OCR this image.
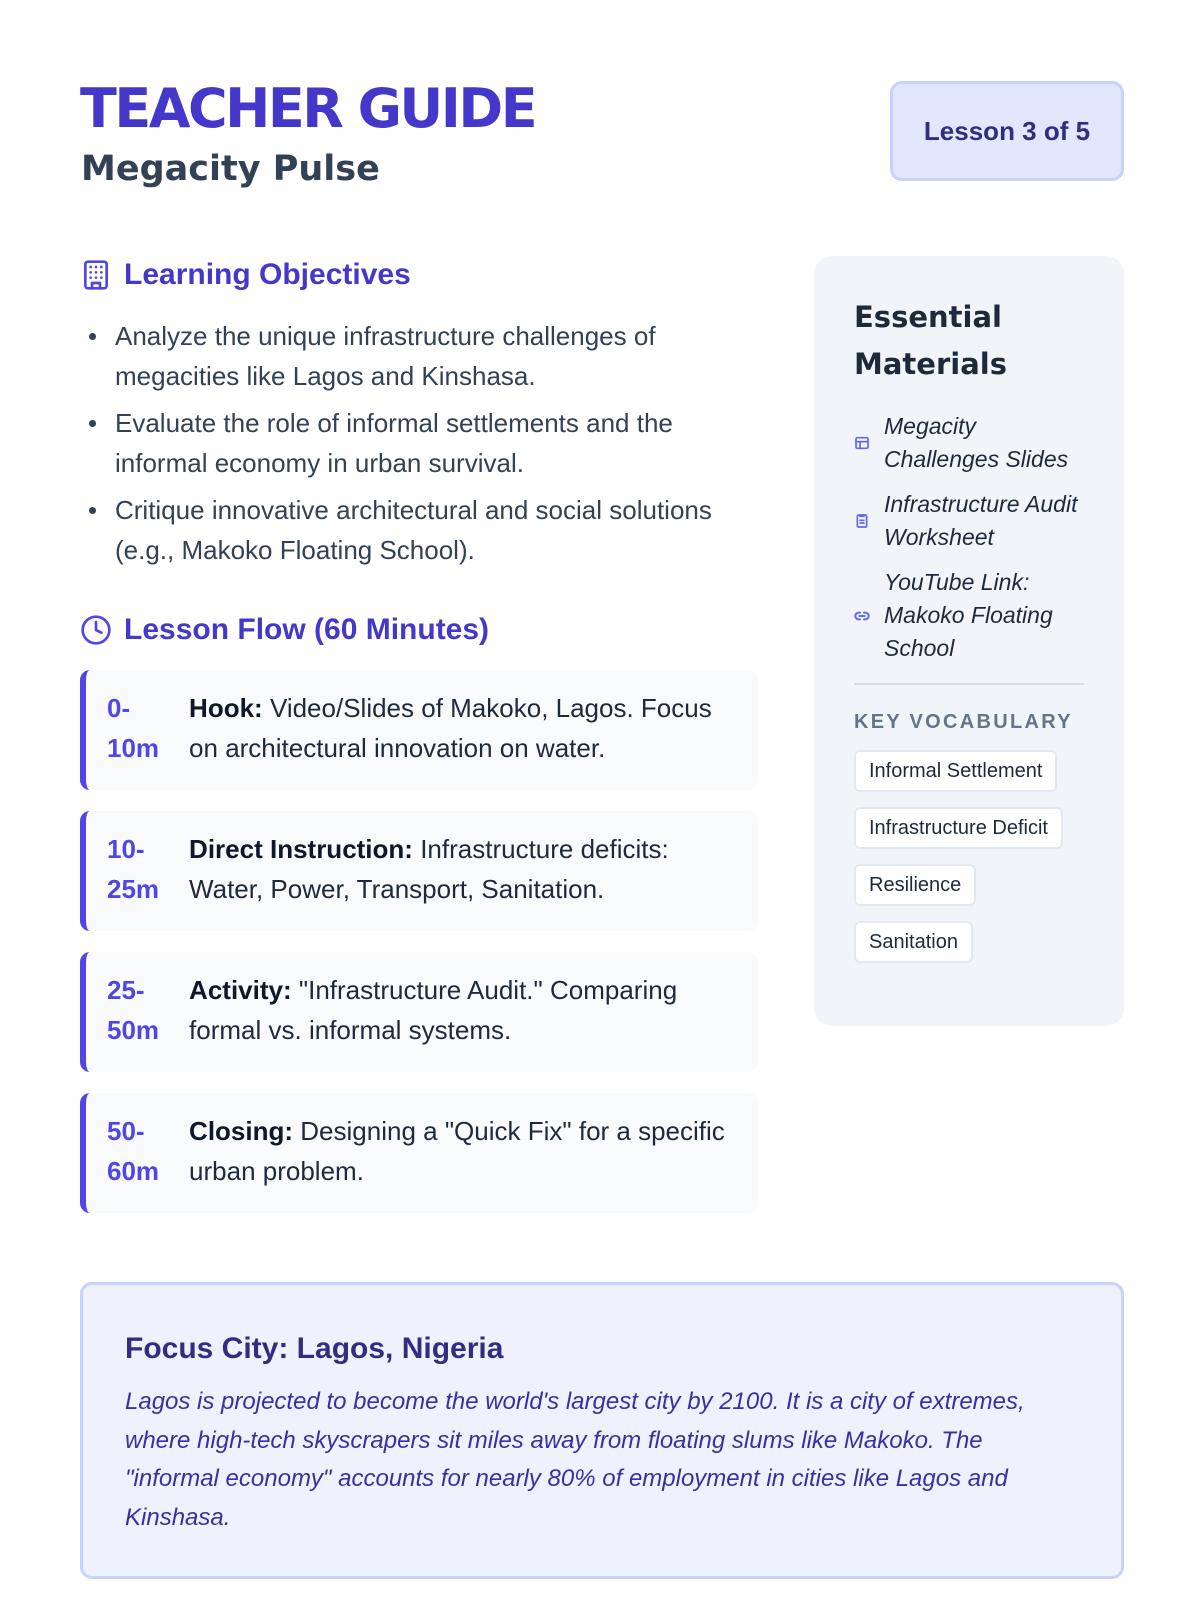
TEACHER GUIDE
Megacity Pulse
Lesson 3 of 5
Learning Objectives
Analyze the unique infrastructure challenges of megacities like Lagos and Kinshasa.
Evaluate the role of informal settlements and the informal economy in urban survival.
Critique innovative architectural and social solutions (e.g., Makoko Floating School).
Lesson Flow (60 Minutes)
0-
10m
Hook: Video/Slides of Makoko, Lagos. Focus on architectural innovation on water.
10-
25m
Direct Instruction: Infrastructure deficits: Water, Power, Transport, Sanitation.
25-
50m
Activity: "Infrastructure Audit." Comparing formal vs. informal systems.
50-
60m
Closing: Designing a "Quick Fix" for a specific urban problem.
Essential
Materials
Megacity Challenges Slides
Infrastructure Audit Worksheet
YouTube Link: Makoko Floating School
KEY VOCABULARY
Informal Settlement
Infrastructure Deficit
Resilience
Sanitation
Focus City: Lagos, Nigeria

Lagos is projected to become the world's largest city by 2100. It is a city of extremes, where high-tech skyscrapers sit miles away from floating slums like Makoko. The "informal economy" accounts for nearly 80% of employment in cities like Lagos and Kinshasa.
